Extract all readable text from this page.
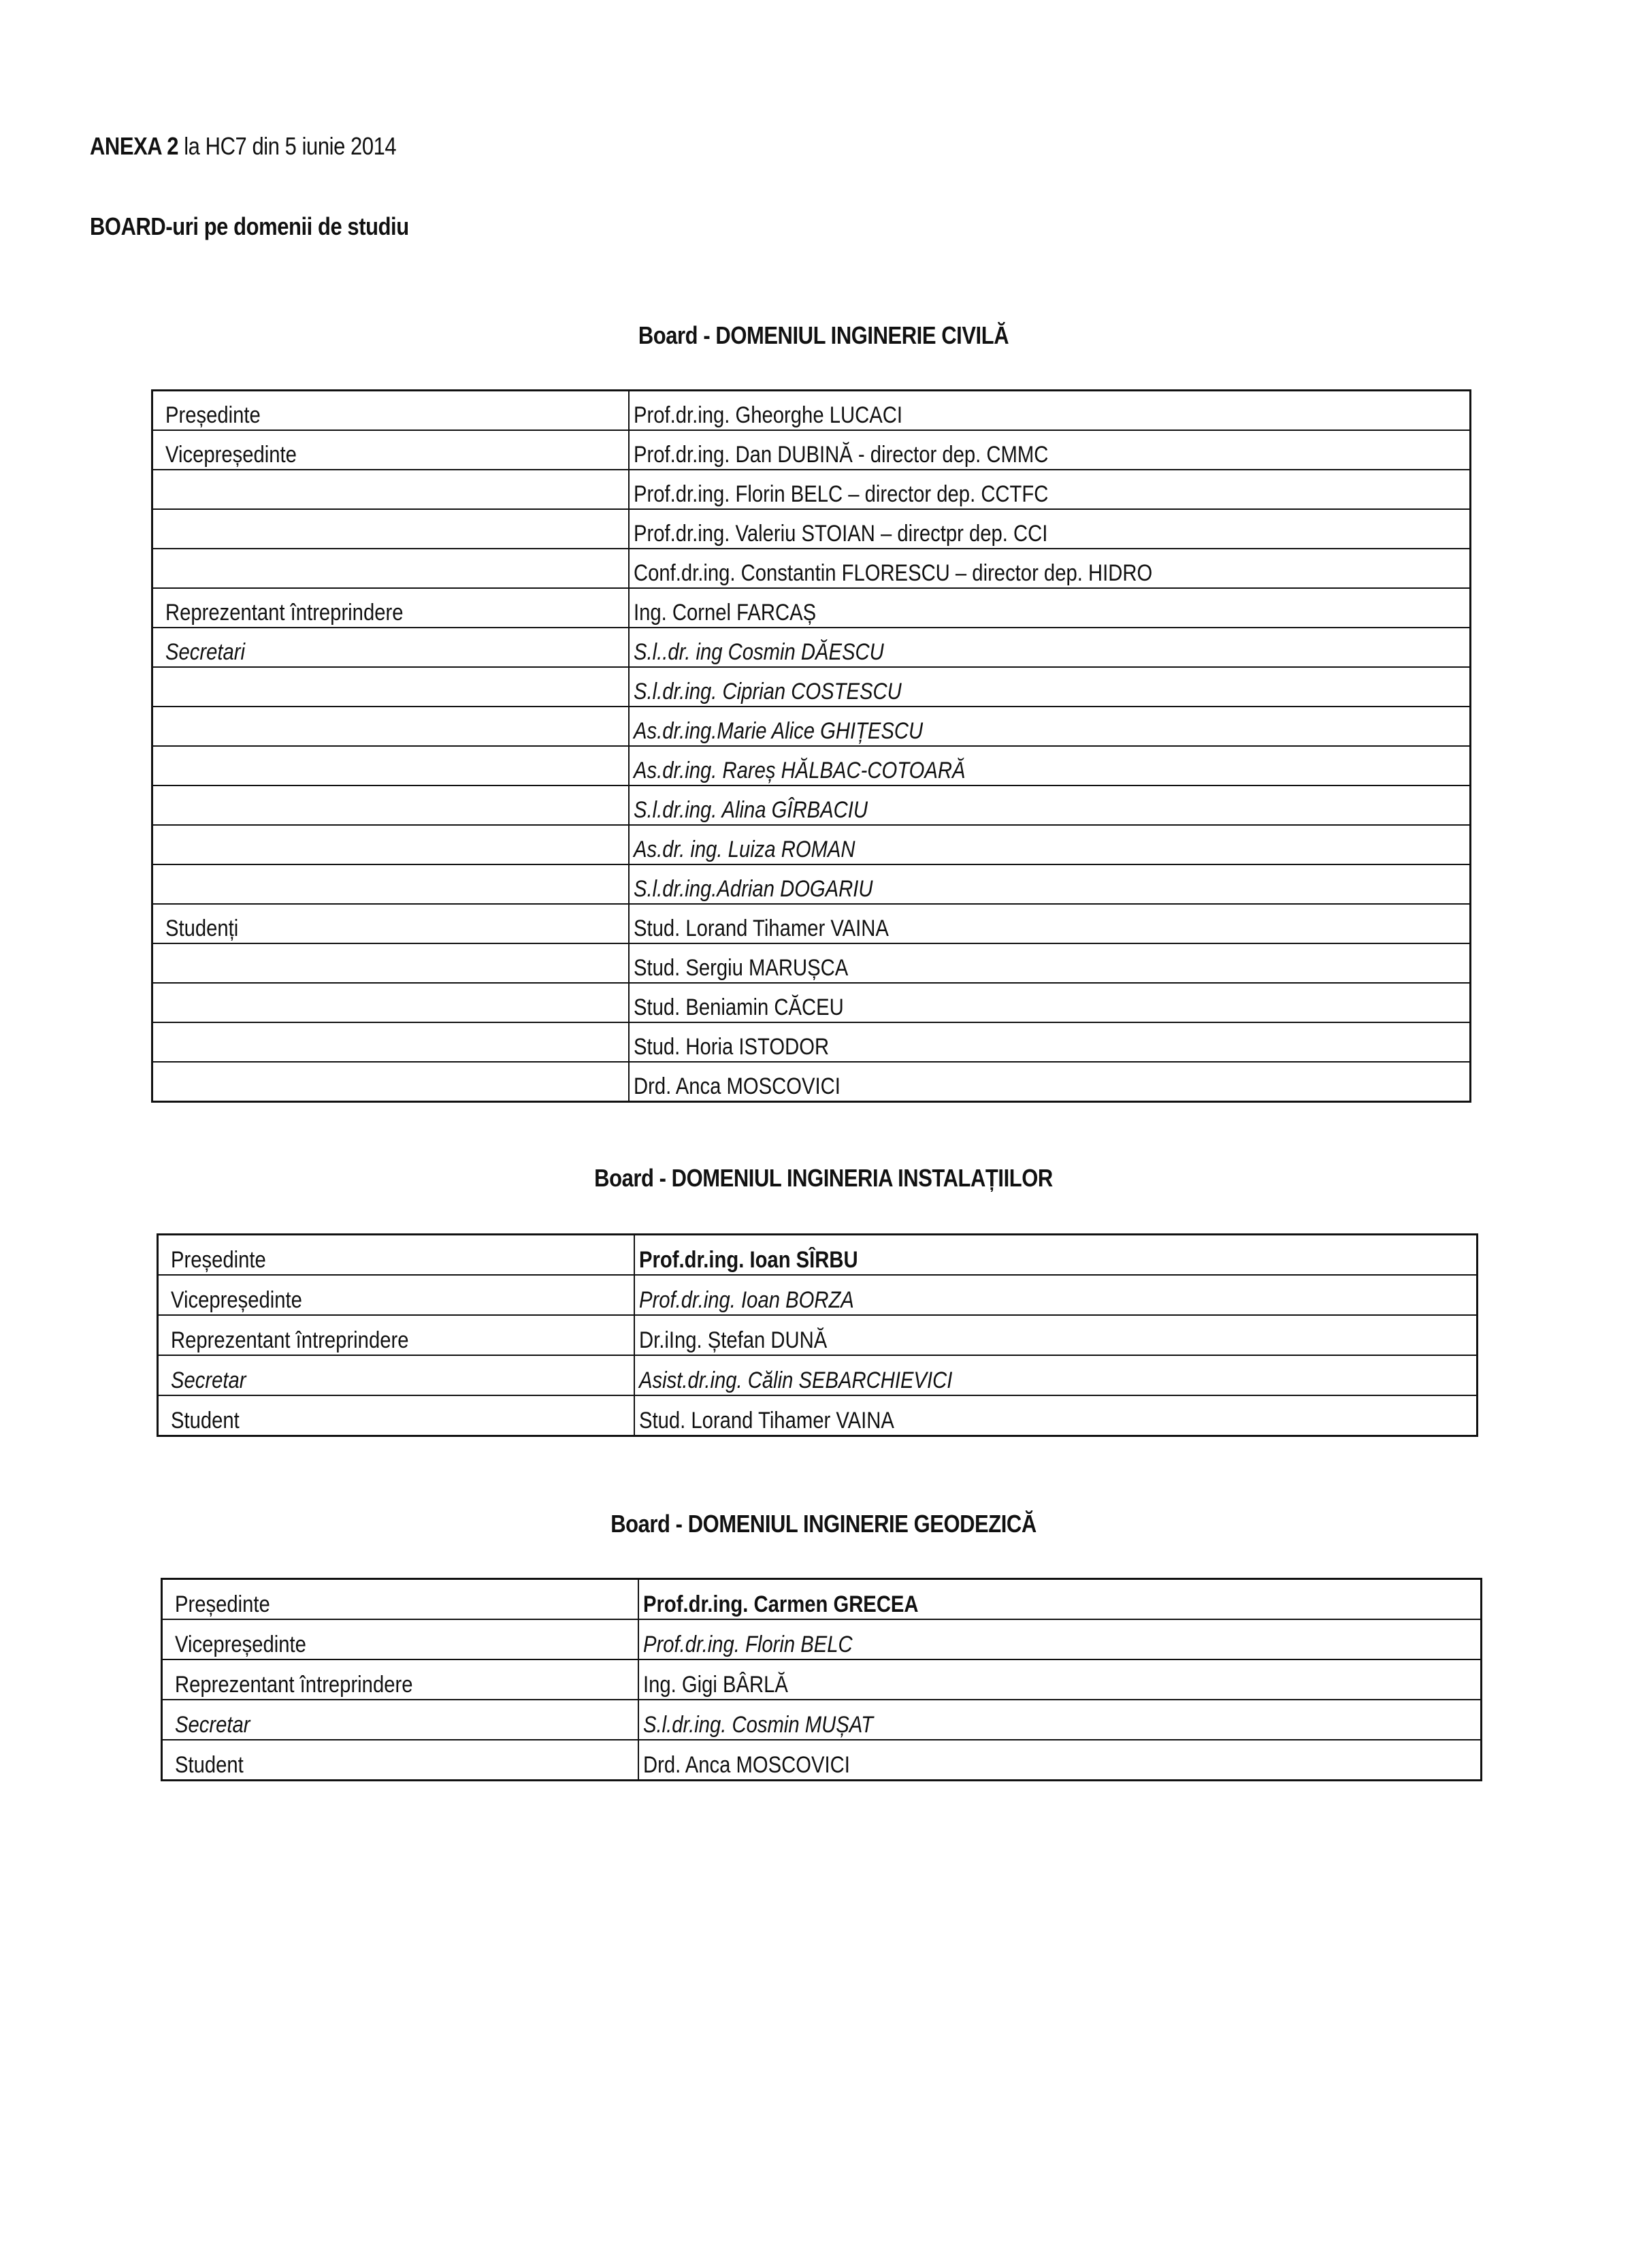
ANEXA 2 la HC7 din 5 iunie 2014
BOARD-uri pe domenii de studiu
Board - DOMENIUL INGINERIE CIVILĂ
Președinte	Prof.dr.ing. Gheorghe LUCACI
Vicepreședinte	Prof.dr.ing. Dan DUBINĂ - director dep. CMMC
	Prof.dr.ing. Florin BELC – director dep. CCTFC
	Prof.dr.ing. Valeriu STOIAN – directpr dep. CCI
	Conf.dr.ing. Constantin FLORESCU – director dep. HIDRO
Reprezentant întreprindere	Ing. Cornel FARCAȘ
Secretari	S.l..dr. ing Cosmin DĂESCU
	S.l.dr.ing. Ciprian COSTESCU
	As.dr.ing.Marie Alice GHIȚESCU
	As.dr.ing. Rareș HĂLBAC-COTOARĂ
	S.l.dr.ing. Alina GÎRBACIU
	As.dr. ing. Luiza ROMAN
	S.l.dr.ing.Adrian DOGARIU
Studenți	Stud. Lorand Tihamer VAINA
	Stud. Sergiu MARUȘCA
	Stud. Beniamin CĂCEU
	Stud. Horia ISTODOR
	Drd. Anca MOSCOVICI
Board - DOMENIUL INGINERIA INSTALAȚIILOR
Președinte	Prof.dr.ing. Ioan SÎRBU
Vicepreședinte	Prof.dr.ing. Ioan BORZA
Reprezentant întreprindere	Dr.iIng. Ștefan DUNĂ
Secretar	Asist.dr.ing. Călin SEBARCHIEVICI
Student	Stud. Lorand Tihamer VAINA
Board - DOMENIUL INGINERIE GEODEZICĂ
Președinte	Prof.dr.ing. Carmen GRECEA
Vicepreședinte	Prof.dr.ing. Florin BELC
Reprezentant întreprindere	Ing. Gigi BÂRLĂ
Secretar	S.l.dr.ing. Cosmin MUȘAT
Student	Drd. Anca MOSCOVICI
